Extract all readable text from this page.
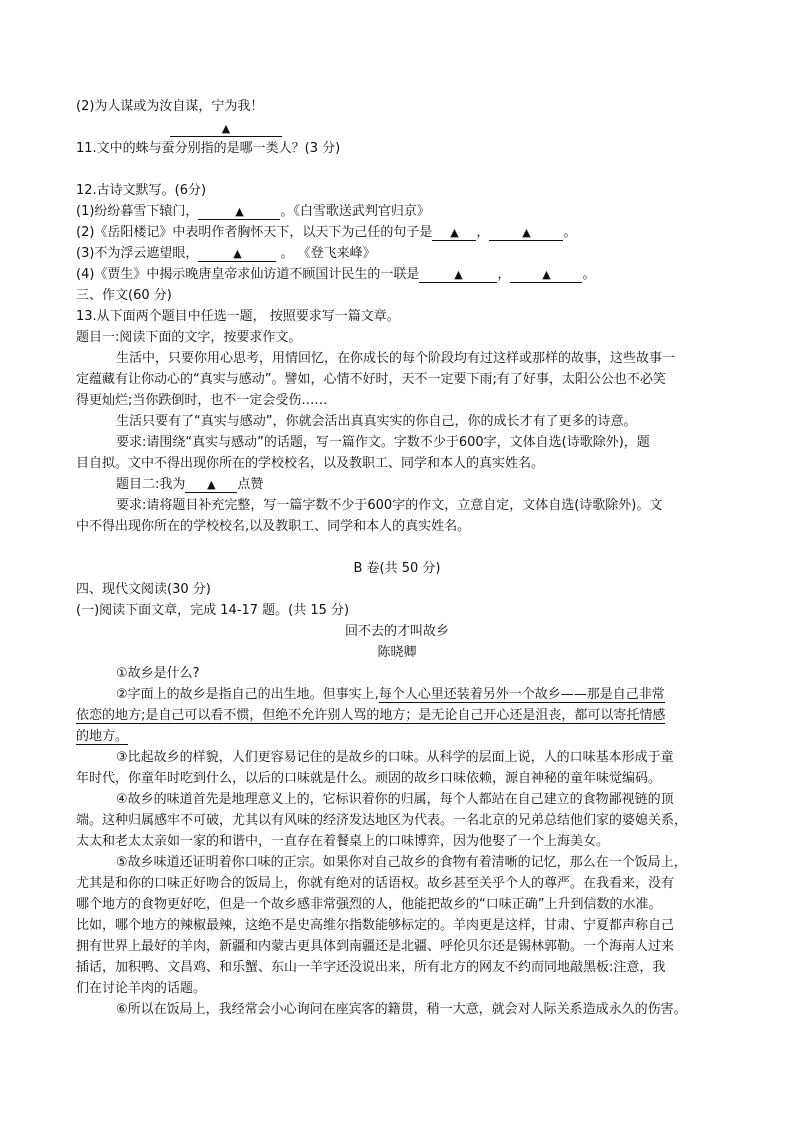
(2)为人谋或为汝自谋，宁为我！
▲
11.文中的蛛与蚕分别指的是哪一类人？(3 分)
12.古诗文默写。(6分)
(1)纷纷暮雪下辕门，	▲	。《白雪歌送武判官归京》
(2)《岳阳楼记》中表明作者胸怀天下，以天下为己任的句子是 ▲ ，	▲	。
(3)不为浮云遮望眼，	▲	。 《登飞来峰》
(4)《贾生》中揭示晚唐皇帝求仙访道不顾国计民生的一联是	▲	，	▲ 。
三、作文(60 分)
13.从下面两个题目中任选一题， 按照要求写一篇文章。
题目一:阅读下面的文字，按要求作文。
生活中，只要你用心思考，用情回忆，在你成长的每个阶段均有过这样或那样的故事，这些故事一
定蕴藏有让你动心的“真实与感动”。譬如，心情不好时，天不一定要下雨;有了好事，太阳公公也不必笑
得更灿烂;当你跌倒时，也不一定会受伤……
生活只要有了“真实与感动”，你就会活出真真实实的你自己，你的成长才有了更多的诗意。
要求:请围绕“真实与感动”的话题，写一篇作文。字数不少于600字，文体自选(诗歌除外)，题
目自拟。文中不得出现你所在的学校校名，以及教职工、同学和本人的真实姓名。
题目二:我为 ▲ 点赞
要求:请将题目补充完整，写一篇字数不少于600字的作文，立意自定，文体自选(诗歌除外)。文
中不得出现你所在的学校校名,以及教职工、同学和本人的真实姓名。
B 卷(共 50 分)
四、现代文阅读(30 分)
(一)阅读下面文章，完成 14-17 题。(共 15 分)
回不去的才叫故乡
陈晓卿
①故乡是什么?
②字面上的故乡是指自己的出生地。但事实上,每个人心里还装着另外一个故乡——那是自己非常
依恋的地方;是自己可以看不惯，但绝不允许别人骂的地方；是无论自己开心还是沮丧，都可以寄托情感
的地方。
③比起故乡的样貌，人们更容易记住的是故乡的口味。从科学的层面上说，人的口味基本形成于童
年时代，你童年时吃到什么，以后的口味就是什么。顽固的故乡口味依赖，源自神秘的童年味觉编码。
④故乡的味道首先是地理意义上的，它标识着你的归属，每个人都站在自己建立的食物鄙视链的顶
端。这种归属感牢不可破，尤其以有风味的经济发达地区为代表。一名北京的兄弟总结他们家的婆媳关系，
太太和老太太亲如一家的和谐中，一直存在着餐桌上的口味博弈，因为他娶了一个上海美女。
⑤故乡味道还证明着你口味的正宗。如果你对自己故乡的食物有着清晰的记忆，那么在一个饭局上，
尤其是和你的口味正好吻合的饭局上，你就有绝对的话语权。故乡甚至关乎个人的尊严。在我看来，没有
哪个地方的食物更好吃，但是一个故乡感非常强烈的人，他能把故乡的“口味正确”上升到信数的水准。
比如，哪个地方的辣椒最辣，这绝不是史高维尔指数能够标定的。羊肉更是这样，甘肃、宁夏都声称自己
拥有世界上最好的羊肉，新疆和内蒙古更具体到南疆还是北疆、呼伦贝尔还是锡林郭勒。一个海南人过来
插话，加积鸭、文昌鸡、和乐蟹、东山一羊字还没说出来，所有北方的网友不约而同地敲黑板:注意，我
们在讨论羊肉的话题。
⑥所以在饭局上，我经常会小心询问在座宾客的籍贯，稍一大意，就会对人际关系造成永久的伤害。
